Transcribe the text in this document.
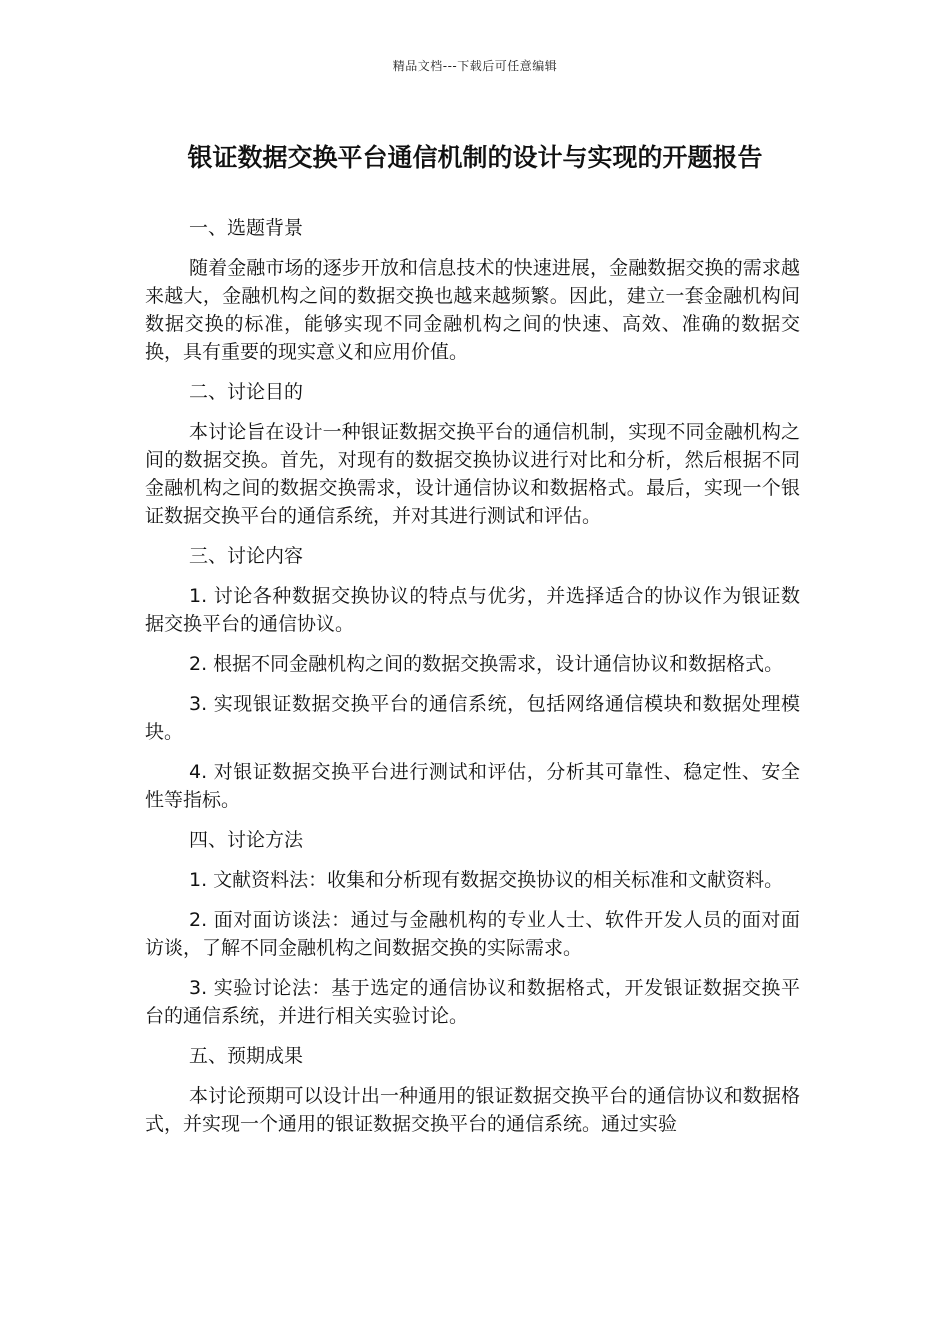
精品文档---下载后可任意编辑
银证数据交换平台通信机制的设计与实现的开题报告

一、选题背景

随着金融市场的逐步开放和信息技术的快速进展，金融数据交换的需求越来越大，金融机构之间的数据交换也越来越频繁。因此，建立一套金融机构间数据交换的标准，能够实现不同金融机构之间的快速、高效、准确的数据交换，具有重要的现实意义和应用价值。

二、讨论目的

本讨论旨在设计一种银证数据交换平台的通信机制，实现不同金融机构之间的数据交换。首先，对现有的数据交换协议进行对比和分析，然后根据不同金融机构之间的数据交换需求，设计通信协议和数据格式。最后，实现一个银证数据交换平台的通信系统，并对其进行测试和评估。

三、讨论内容

1. 讨论各种数据交换协议的特点与优劣，并选择适合的协议作为银证数据交换平台的通信协议。

2. 根据不同金融机构之间的数据交换需求，设计通信协议和数据格式。

3. 实现银证数据交换平台的通信系统，包括网络通信模块和数据处理模块。

4. 对银证数据交换平台进行测试和评估，分析其可靠性、稳定性、安全性等指标。

四、讨论方法

1. 文献资料法：收集和分析现有数据交换协议的相关标准和文献资料。

2. 面对面访谈法：通过与金融机构的专业人士、软件开发人员的面对面访谈，了解不同金融机构之间数据交换的实际需求。

3. 实验讨论法：基于选定的通信协议和数据格式，开发银证数据交换平台的通信系统，并进行相关实验讨论。

五、预期成果

本讨论预期可以设计出一种通用的银证数据交换平台的通信协议和数据格式，并实现一个通用的银证数据交换平台的通信系统。通过实验
